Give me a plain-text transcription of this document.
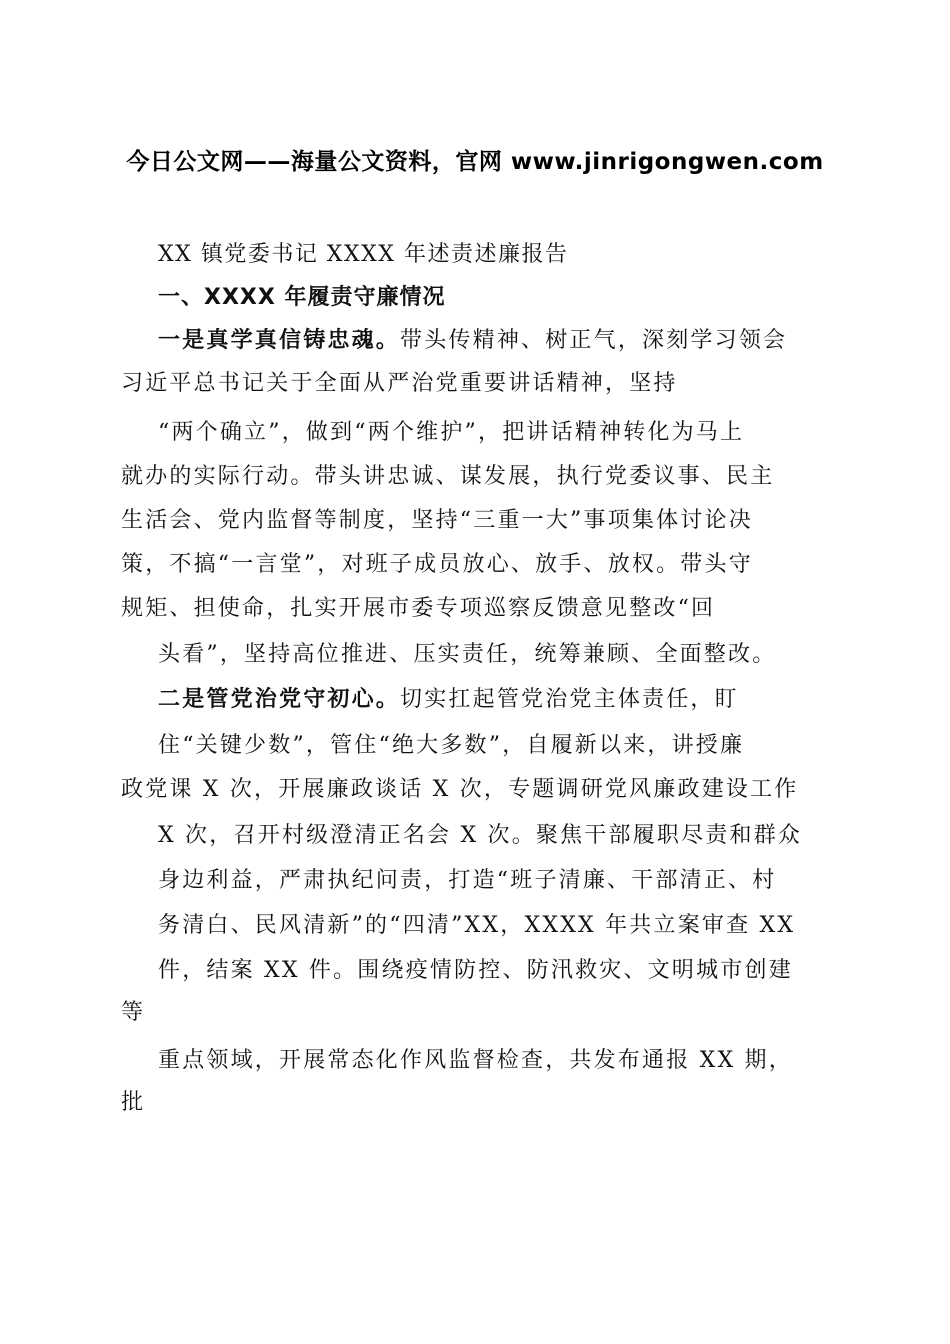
今日公文网——海量公文资料，官网 www.jinrigongwen.com
XX 镇党委书记 XXXX 年述责述廉报告
一、XXXX 年履责守廉情况
一是真学真信铸忠魂。带头传精神、树正气，深刻学习领会
习近平总书记关于全面从严治党重要讲话精神，坚持
“两个确立”，做到“两个维护”，把讲话精神转化为马上
就办的实际行动。带头讲忠诚、谋发展，执行党委议事、民主
生活会、党内监督等制度，坚持“三重一大”事项集体讨论决
策，不搞“一言堂”，对班子成员放心、放手、放权。带头守
规矩、担使命，扎实开展市委专项巡察反馈意见整改“回
头看”，坚持高位推进、压实责任，统筹兼顾、全面整改。
二是管党治党守初心。切实扛起管党治党主体责任，盯
住“关键少数”，管住“绝大多数”，自履新以来，讲授廉
政党课 X 次，开展廉政谈话 X 次，专题调研党风廉政建设工作
X 次，召开村级澄清正名会 X 次。聚焦干部履职尽责和群众
身边利益，严肃执纪问责，打造“班子清廉、干部清正、村
务清白、民风清新”的“四清”XX，XXXX 年共立案审查 XX
件，结案 XX 件。围绕疫情防控、防汛救灾、文明城市创建
等
重点领域，开展常态化作风监督检查，共发布通报 XX 期，
批
